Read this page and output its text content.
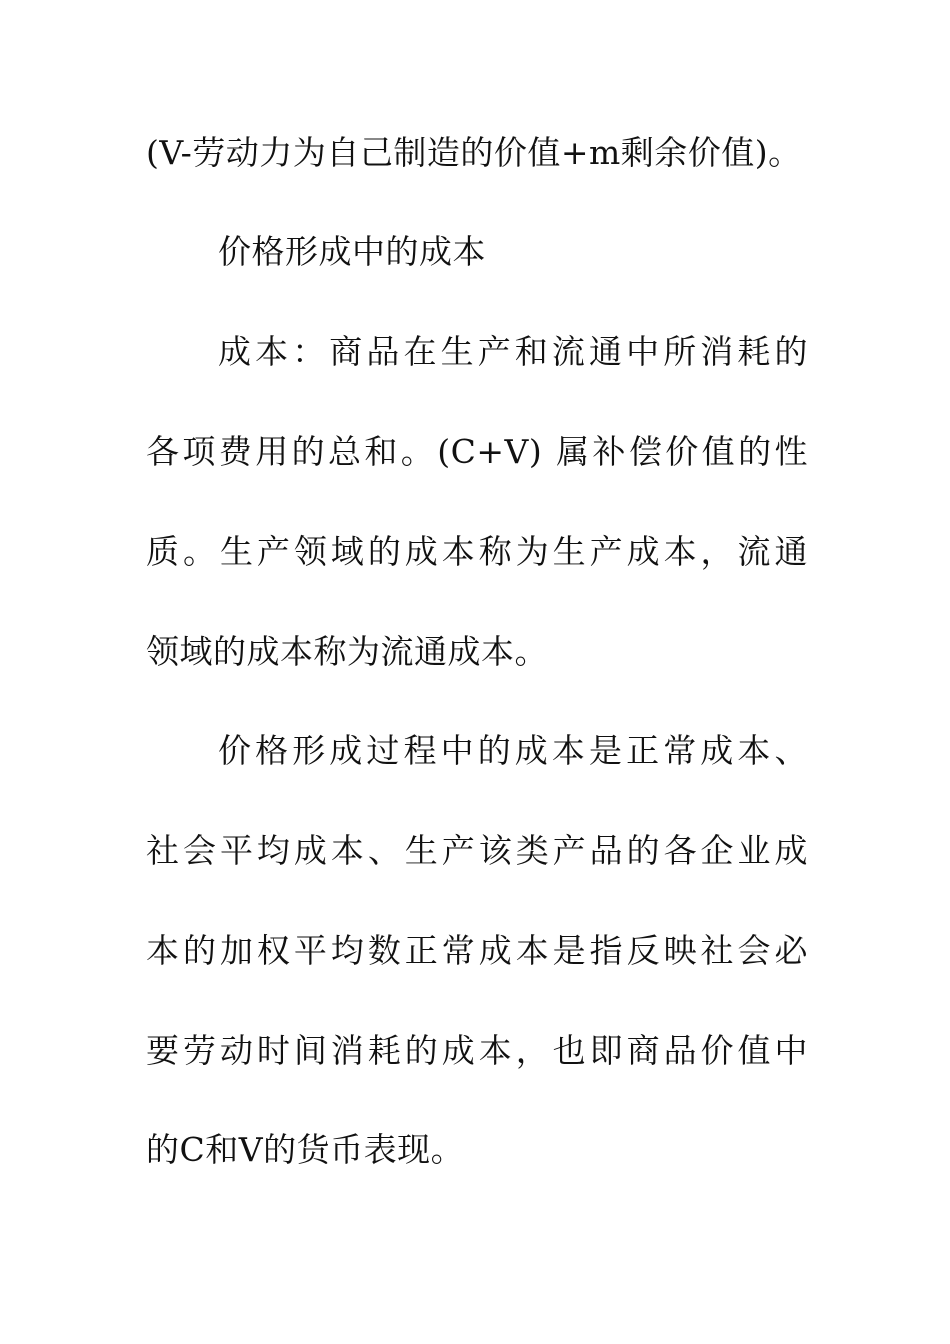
(V-劳动力为自己制造的价值+m剩余价值)。
价格形成中的成本
成本：商品在生产和流通中所消耗的
各项费用的总和。(C+V) 属补偿价值的性
质。生产领域的成本称为生产成本，流通
领域的成本称为流通成本。
价格形成过程中的成本是正常成本、
社会平均成本、生产该类产品的各企业成
本的加权平均数正常成本是指反映社会必
要劳动时间消耗的成本，也即商品价值中
的C和V的货币表现。
